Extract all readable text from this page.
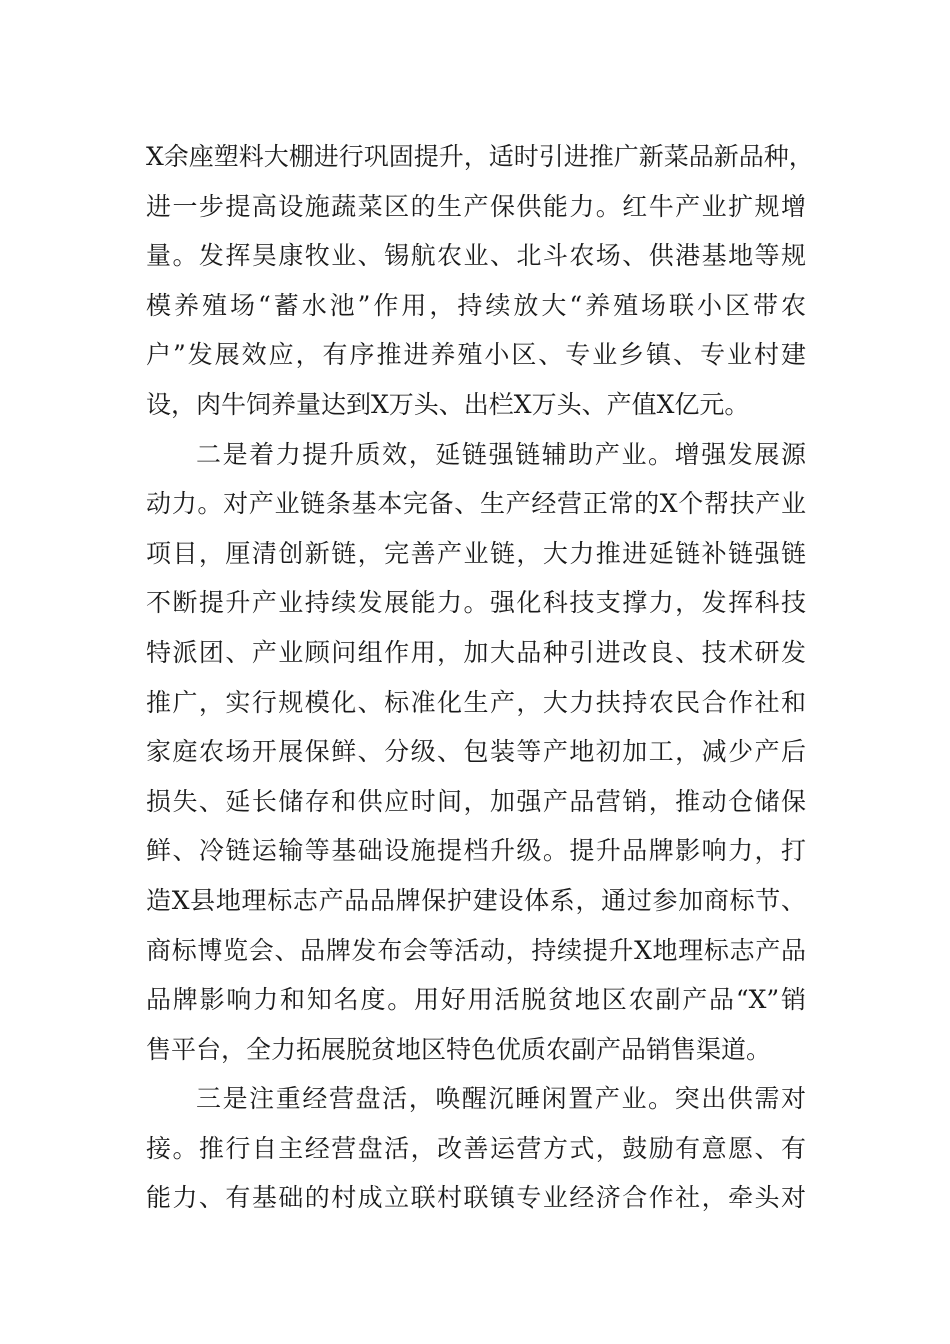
X余座塑料大棚进行巩固提升，适时引进推广新菜品新品种，
进一步提高设施蔬菜区的生产保供能力。红牛产业扩规增
量。发挥昊康牧业、锡航农业、北斗农场、供港基地等规
模养殖场“蓄水池”作用，持续放大“养殖场联小区带农
户”发展效应，有序推进养殖小区、专业乡镇、专业村建
设，肉牛饲养量达到X万头、出栏X万头、产值X亿元。
二是着力提升质效，延链强链辅助产业。增强发展源
动力。对产业链条基本完备、生产经营正常的X个帮扶产业
项目，厘清创新链，完善产业链，大力推进延链补链强链
不断提升产业持续发展能力。强化科技支撑力，发挥科技
特派团、产业顾问组作用，加大品种引进改良、技术研发
推广，实行规模化、标准化生产，大力扶持农民合作社和
家庭农场开展保鲜、分级、包装等产地初加工，减少产后
损失、延长储存和供应时间，加强产品营销，推动仓储保
鲜、冷链运输等基础设施提档升级。提升品牌影响力，打
造X县地理标志产品品牌保护建设体系，通过参加商标节、
商标博览会、品牌发布会等活动，持续提升X地理标志产品
品牌影响力和知名度。用好用活脱贫地区农副产品“X”销
售平台，全力拓展脱贫地区特色优质农副产品销售渠道。
三是注重经营盘活，唤醒沉睡闲置产业。突出供需对
接。推行自主经营盘活，改善运营方式，鼓励有意愿、有
能力、有基础的村成立联村联镇专业经济合作社，牵头对
